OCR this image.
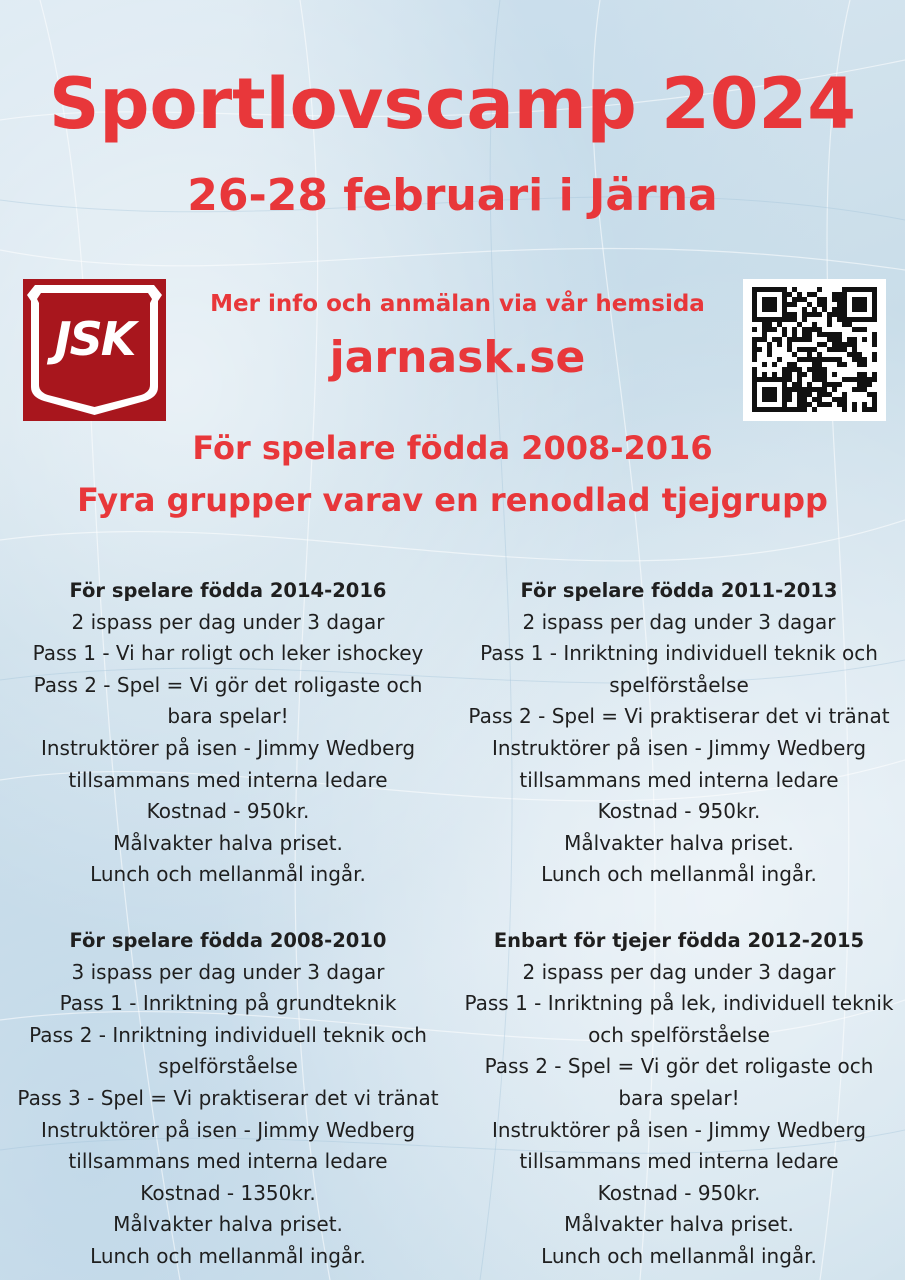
Sportlovscamp 2024
26-28 februari i Järna
JSK
Mer info och anmälan via vår hemsida
jarnask.se
För spelare födda 2008-2016
Fyra grupper varav en renodlad tjejgrupp
För spelare födda 2014-2016
2 ispass per dag under 3 dagar
Pass 1 - Vi har roligt och leker ishockey
Pass 2 - Spel = Vi gör det roligaste och
bara spelar!
Instruktörer på isen - Jimmy Wedberg
tillsammans med interna ledare
Kostnad - 950kr.
Målvakter halva priset.
Lunch och mellanmål ingår.
För spelare födda 2011-2013
2 ispass per dag under 3 dagar
Pass 1 - Inriktning individuell teknik och
spelförståelse
Pass 2 - Spel = Vi praktiserar det vi tränat
Instruktörer på isen - Jimmy Wedberg
tillsammans med interna ledare
Kostnad - 950kr.
Målvakter halva priset.
Lunch och mellanmål ingår.
För spelare födda 2008-2010
3 ispass per dag under 3 dagar
Pass 1 - Inriktning på grundteknik
Pass 2 - Inriktning individuell teknik och
spelförståelse
Pass 3 - Spel = Vi praktiserar det vi tränat
Instruktörer på isen - Jimmy Wedberg
tillsammans med interna ledare
Kostnad - 1350kr.
Målvakter halva priset.
Lunch och mellanmål ingår.
Enbart för tjejer födda 2012-2015
2 ispass per dag under 3 dagar
Pass 1 - Inriktning på lek, individuell teknik
och spelförståelse
Pass 2 - Spel = Vi gör det roligaste och
bara spelar!
Instruktörer på isen - Jimmy Wedberg
tillsammans med interna ledare
Kostnad - 950kr.
Målvakter halva priset.
Lunch och mellanmål ingår.
